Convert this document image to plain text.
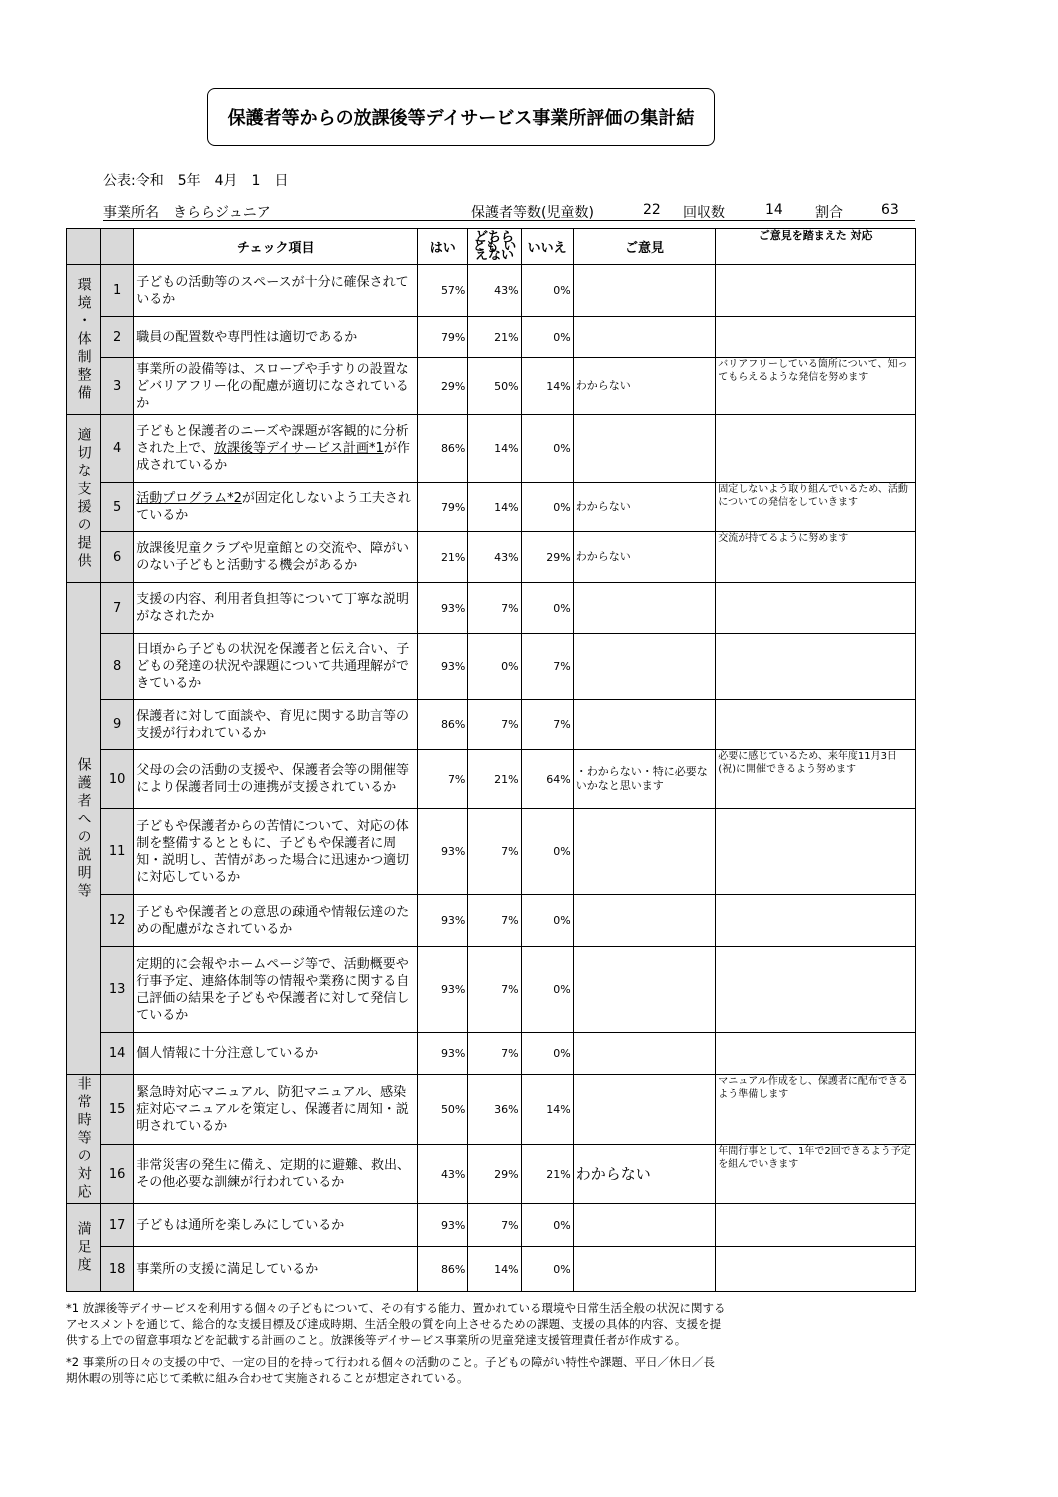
保護者等からの放課後等デイサービス事業所評価の集計結
公表:令和　5年　4月　1　日
事業所名　きららジュニア	保護者等数(児童数)	22 回収数	14 割合	63
		チェック項目	はい	どちらとも いえない	いいえ	ご意見	ご意見を踏まえた 対応
環境・体制整備	1	子どもの活動等のスペースが十分に確保されているか	57%	43%	0%		
	2	職員の配置数や専門性は適切であるか	79%	21%	0%		
	3	事業所の設備等は、スロープや手すりの設置などバリアフリー化の配慮が適切になされているか	29%	50%	14%	わからない	バリアフリーしている箇所について、知ってもらえるような発信を努めます
適切な支援の提供	4	子どもと保護者のニーズや課題が客観的に分析された上で、放課後等デイサービス計画*1が作成されているか	86%	14%	0%		
	5	活動プログラム*2が固定化しないよう工夫されているか	79%	14%	0%	わからない	固定しないよう取り組んでいるため、活動についての発信をしていきます
	6	放課後児童クラブや児童館との交流や、障がいのない子どもと活動する機会があるか	21%	43%	29%	わからない	交流が持てるように努めます
保護者への説明等	7	支援の内容、利用者負担等について丁寧な説明がなされたか	93%	7%	0%		
	8	日頃から子どもの状況を保護者と伝え合い、子どもの発達の状況や課題について共通理解ができているか	93%	0%	7%		
	9	保護者に対して面談や、育児に関する助言等の支援が行われているか	86%	7%	7%		
	10	父母の会の活動の支援や、保護者会等の開催等により保護者同士の連携が支援されているか	7%	21%	64%	・わからない・特に必要ないかなと思います	必要に感じているため、来年度11月3日(祝)に開催できるよう努めます
	11	子どもや保護者からの苦情について、対応の体制を整備するとともに、子どもや保護者に周知・説明し、苦情があった場合に迅速かつ適切に対応しているか	93%	7%	0%		
	12	子どもや保護者との意思の疎通や情報伝達のための配慮がなされているか	93%	7%	0%		
	13	定期的に会報やホームページ等で、活動概要や行事予定、連絡体制等の情報や業務に関する自己評価の結果を子どもや保護者に対して発信しているか	93%	7%	0%		
	14	個人情報に十分注意しているか	93%	7%	0%		
非常時等の対応	15	緊急時対応マニュアル、防犯マニュアル、感染症対応マニュアルを策定し、保護者に周知・説明されているか	50%	36%	14%		マニュアル作成をし、保護者に配布できるよう準備します
	16	非常災害の発生に備え、定期的に避難、救出、その他必要な訓練が行われているか	43%	29%	21%	わからない	年間行事として、1年で2回できるよう予定を組んでいきます
満足度	17	子どもは通所を楽しみにしているか	93%	7%	0%		
	18	事業所の支援に満足しているか	86%	14%	0%		

*1 放課後等デイサービスを利用する個々の子どもについて、その有する能力、置かれている環境や日常生活全般の状況に関するアセスメントを通じて、総合的な支援目標及び達成時期、生活全般の質を向上させるための課題、支援の具体的内容、支援を提供する上での留意事項などを記載する計画のこと。放課後等デイサービス事業所の児童発達支援管理責任者が作成する。

*2 事業所の日々の支援の中で、一定の目的を持って行われる個々の活動のこと。子どもの障がい特性や課題、平日／休日／長期休暇の別等に応じて柔軟に組み合わせて実施されることが想定されている。
